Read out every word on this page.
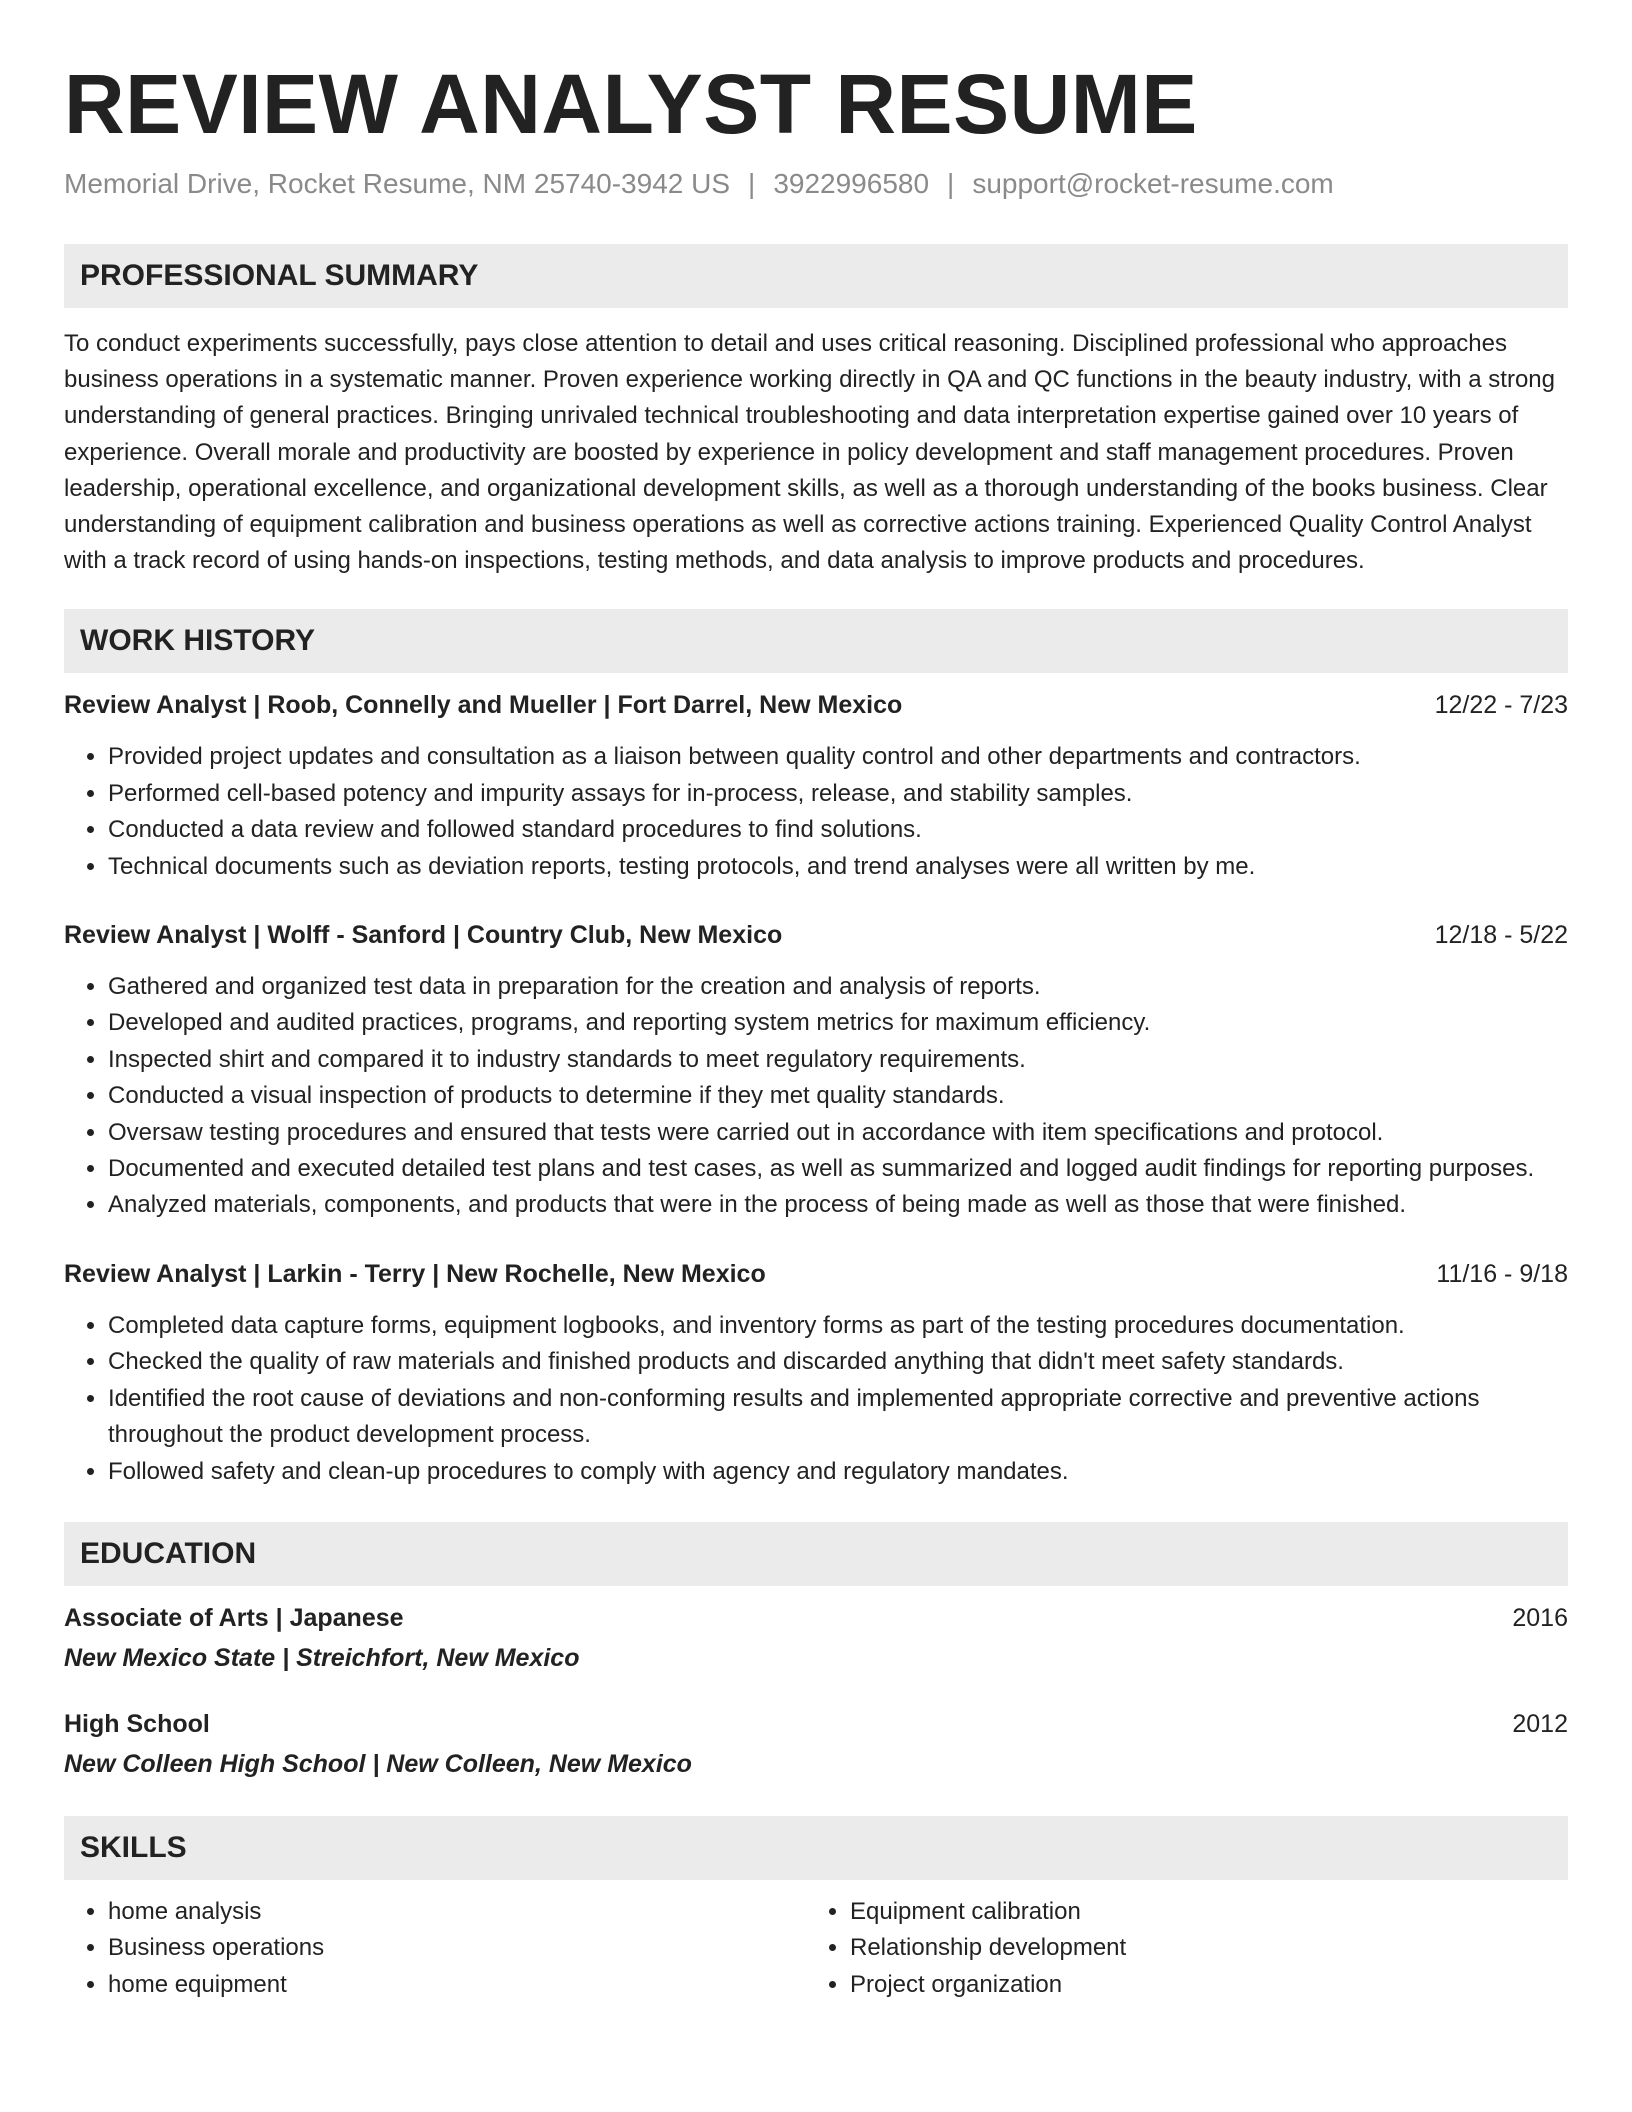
REVIEW ANALYST RESUME
Memorial Drive, Rocket Resume, NM 25740-3942 US | 3922996580 | support@rocket-resume.com
PROFESSIONAL SUMMARY

To conduct experiments successfully, pays close attention to detail and uses critical reasoning. Disciplined professional who approaches business operations in a systematic manner. Proven experience working directly in QA and QC functions in the beauty industry, with a strong understanding of general practices. Bringing unrivaled technical troubleshooting and data interpretation expertise gained over 10 years of experience. Overall morale and productivity are boosted by experience in policy development and staff management procedures. Proven leadership, operational excellence, and organizational development skills, as well as a thorough understanding of the books business. Clear understanding of equipment calibration and business operations as well as corrective actions training. Experienced Quality Control Analyst with a track record of using hands-on inspections, testing methods, and data analysis to improve products and procedures.

WORK HISTORY
Review Analyst | Roob, Connelly and Mueller | Fort Darrel, New Mexico	12/22 - 7/23
• Provided project updates and consultation as a liaison between quality control and other departments and contractors.
• Performed cell-based potency and impurity assays for in-process, release, and stability samples.
• Conducted a data review and followed standard procedures to find solutions.
• Technical documents such as deviation reports, testing protocols, and trend analyses were all written by me.
Review Analyst | Wolff - Sanford | Country Club, New Mexico	12/18 - 5/22
• Gathered and organized test data in preparation for the creation and analysis of reports.
• Developed and audited practices, programs, and reporting system metrics for maximum efficiency.
• Inspected shirt and compared it to industry standards to meet regulatory requirements.
• Conducted a visual inspection of products to determine if they met quality standards.
• Oversaw testing procedures and ensured that tests were carried out in accordance with item specifications and protocol.
• Documented and executed detailed test plans and test cases, as well as summarized and logged audit findings for reporting purposes.
• Analyzed materials, components, and products that were in the process of being made as well as those that were finished.
Review Analyst | Larkin - Terry | New Rochelle, New Mexico	11/16 - 9/18
• Completed data capture forms, equipment logbooks, and inventory forms as part of the testing procedures documentation.
• Checked the quality of raw materials and finished products and discarded anything that didn't meet safety standards.
• Identified the root cause of deviations and non-conforming results and implemented appropriate corrective and preventive actions throughout the product development process.
• Followed safety and clean-up procedures to comply with agency and regulatory mandates.
EDUCATION
Associate of Arts | Japanese	2016
New Mexico State | Streichfort, New Mexico
High School	2012
New Colleen High School | New Colleen, New Mexico
SKILLS
• home analysis
• Business operations
• home equipment
• Equipment calibration
• Relationship development
• Project organization
